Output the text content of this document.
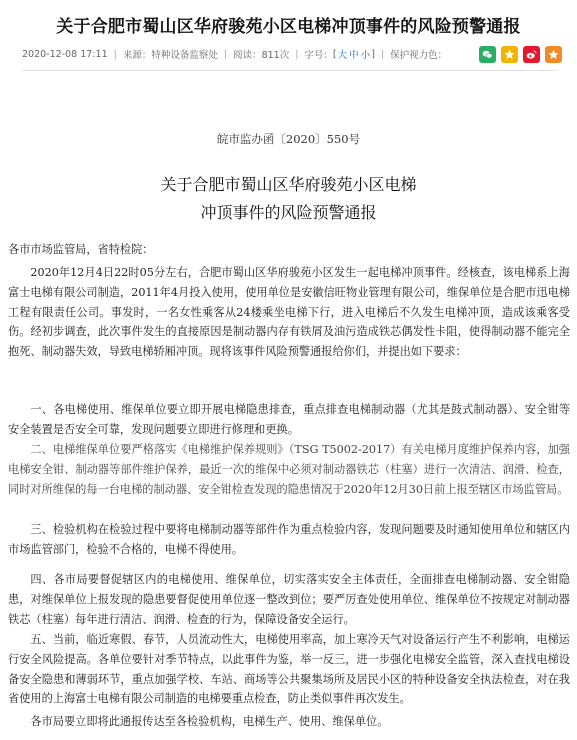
关于合肥市蜀山区华府骏苑小区电梯冲顶事件的风险预警通报
2020-12-08 17:11 | 来源： 特种设备监察处 | 阅读： 811次 | 字号： [ 大 中 小 ] | 保护视力色：
皖市监办函〔2020〕550号
关于合肥市蜀山区华府骏苑小区电梯
冲顶事件的风险预警通报
各市市场监管局，省特检院：
2020年12月4日22时05分左右，合肥市蜀山区华府骏苑小区发生一起电梯冲顶事件。经核查，该电梯系上海富士电梯有限公司制造，2011年4月投入使用，使用单位是安徽信旺物业管理有限公司，维保单位是合肥市迅电梯工程有限责任公司。事发时，一名女性乘客从24楼乘坐电梯下行，进入电梯后不久发生电梯冲顶，造成该乘客受伤。经初步调查，此次事件发生的直接原因是制动器内存有铁屑及油污造成铁芯偶发性卡阻，使得制动器不能完全抱死、制动器失效，导致电梯轿厢冲顶。现将该事件风险预警通报给你们，并提出如下要求：
一、各电梯使用、维保单位要立即开展电梯隐患排查，重点排查电梯制动器（尤其是鼓式制动器）、安全钳等安全装置是否安全可靠，发现问题要立即进行修理和更换。
二、电梯维保单位要严格落实《电梯维护保养规则》（TSG T5002-2017）有关电梯月度维护保养内容，加强电梯安全钳、制动器等部件维护保养，最近一次的维保中必须对制动器铁芯（柱塞）进行一次清洁、润滑、检查，同时对所维保的每一台电梯的制动器、安全钳检查发现的隐患情况于2020年12月30日前上报至辖区市场监管局。
三、检验机构在检验过程中要将电梯制动器等部件作为重点检验内容，发现问题要及时通知使用单位和辖区内市场监管部门，检验不合格的，电梯不得使用。
四、各市局要督促辖区内的电梯使用、维保单位，切实落实安全主体责任，全面排查电梯制动器、安全钳隐患，对维保单位上报发现的隐患要督促使用单位逐一整改到位；要严厉查处使用单位、维保单位不按规定对制动器铁芯（柱塞）每年进行清洁、润滑、检查的行为，保障设备安全运行。
五、当前，临近寒假、春节，人员流动性大，电梯使用率高，加上寒冷天气对设备运行产生不利影响，电梯运行安全风险提高。各单位要针对季节特点，以此事件为鉴，举一反三，进一步强化电梯安全监管，深入查找电梯设备安全隐患和薄弱环节，重点加强学校、车站、商场等公共聚集场所及居民小区的特种设备安全执法检查，对在我省使用的上海富士电梯有限公司制造的电梯要重点检查，防止类似事件再次发生。
各市局要立即将此通报传达至各检验机构，电梯生产、使用、维保单位。
